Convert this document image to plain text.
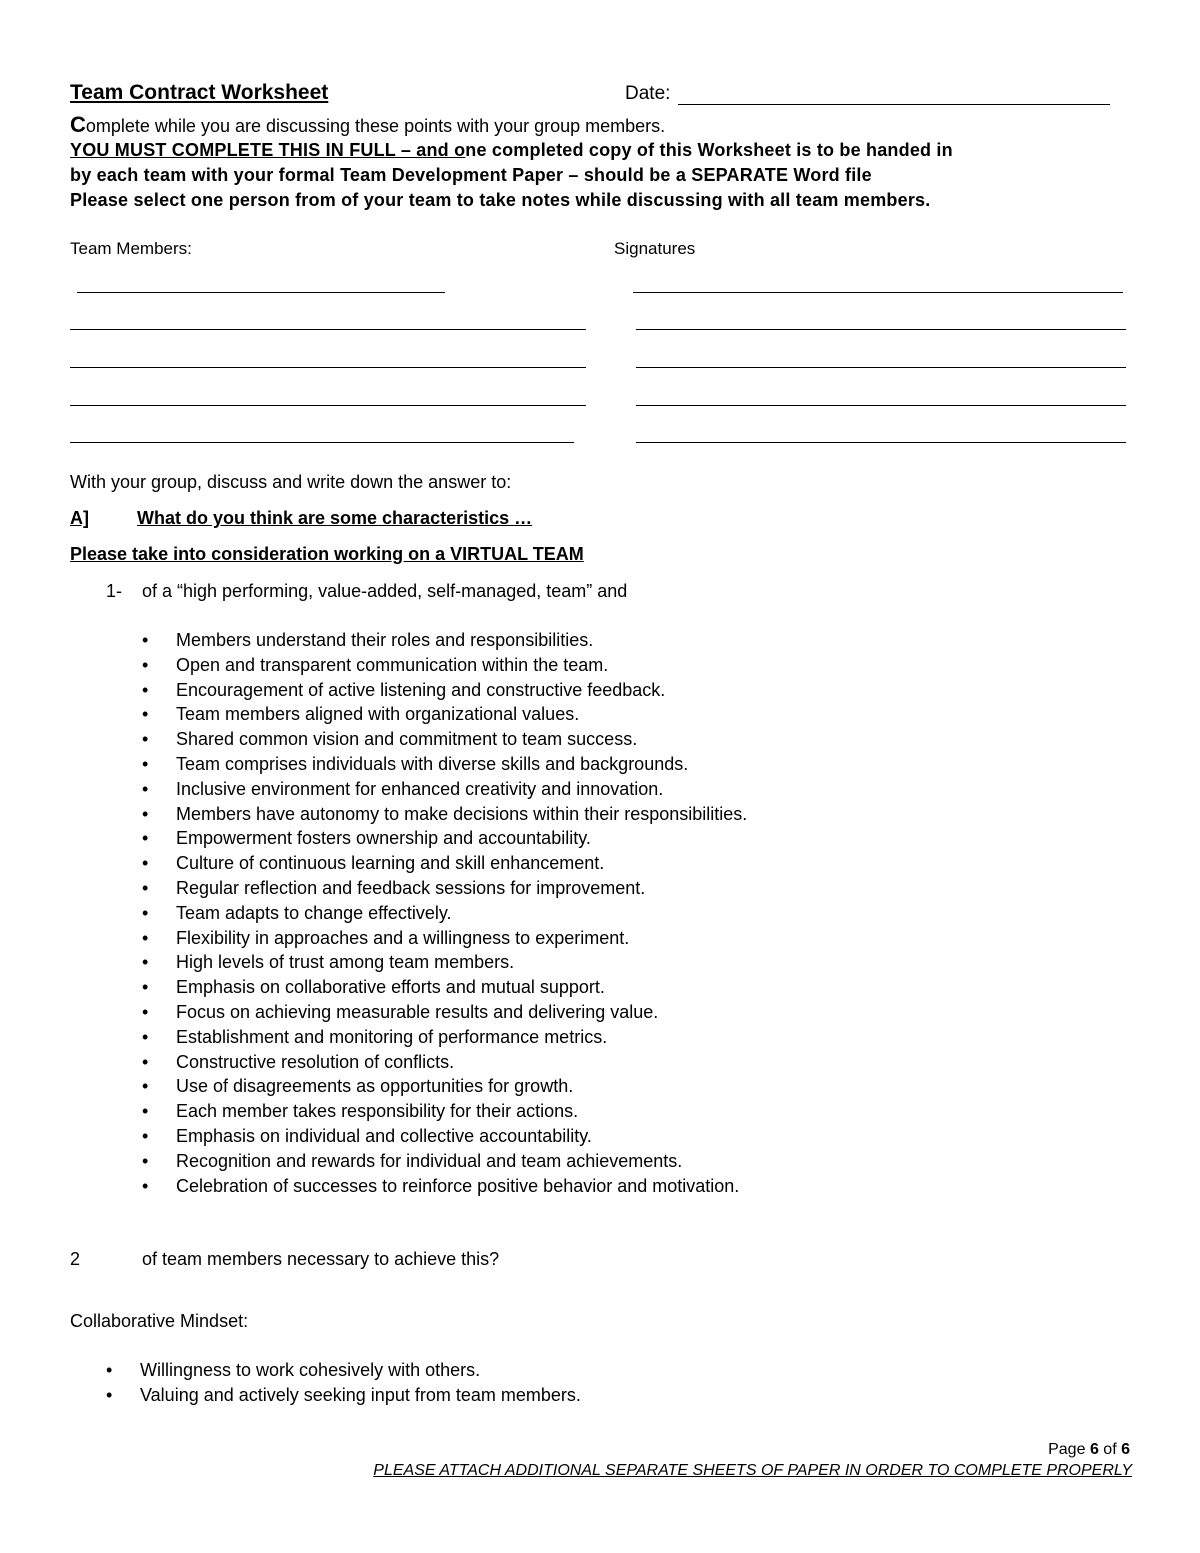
Team Contract Worksheet	Date:
Complete while you are discussing these points with your group members.
YOU MUST COMPLETE THIS IN FULL – and one completed copy of this Worksheet is to be handed in
by each team with your formal Team Development Paper – should be a SEPARATE Word file
Please select one person from of your team to take notes while discussing with all team members.
Team Members:	Signatures
With your group, discuss and write down the answer to:
A]	What do you think are some characteristics …
Please take into consideration working on a VIRTUAL TEAM
1- of a “high performing, value-added, self-managed, team” and
• Members understand their roles and responsibilities.
• Open and transparent communication within the team.
• Encouragement of active listening and constructive feedback.
• Team members aligned with organizational values.
• Shared common vision and commitment to team success.
• Team comprises individuals with diverse skills and backgrounds.
• Inclusive environment for enhanced creativity and innovation.
• Members have autonomy to make decisions within their responsibilities.
• Empowerment fosters ownership and accountability.
• Culture of continuous learning and skill enhancement.
• Regular reflection and feedback sessions for improvement.
• Team adapts to change effectively.
• Flexibility in approaches and a willingness to experiment.
• High levels of trust among team members.
• Emphasis on collaborative efforts and mutual support.
• Focus on achieving measurable results and delivering value.
• Establishment and monitoring of performance metrics.
• Constructive resolution of conflicts.
• Use of disagreements as opportunities for growth.
• Each member takes responsibility for their actions.
• Emphasis on individual and collective accountability.
• Recognition and rewards for individual and team achievements.
• Celebration of successes to reinforce positive behavior and motivation.
2	of team members necessary to achieve this?
Collaborative Mindset:
• Willingness to work cohesively with others.
• Valuing and actively seeking input from team members.
Page 6 of 6
PLEASE ATTACH ADDITIONAL SEPARATE SHEETS OF PAPER IN ORDER TO COMPLETE PROPERLY
